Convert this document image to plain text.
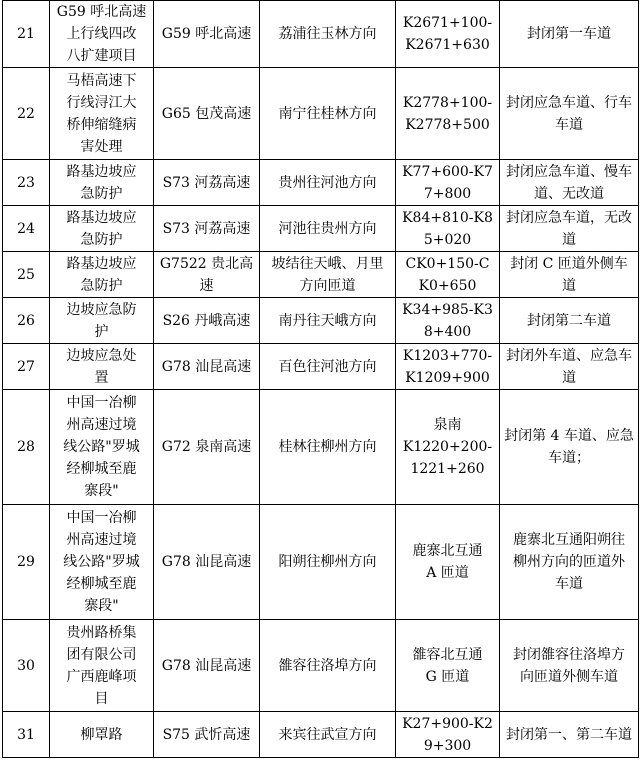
21	G59 呼北高速
上行线四改
八扩建项目	G59 呼北高速	荔浦往玉林方向	K2671+100-
K2671+630	封闭第一车道
22	马梧高速下
行线浔江大
桥伸缩缝病
害处理	G65 包茂高速	南宁往桂林方向	K2778+100-
K2778+500	封闭应急车道、行车
车道
23	路基边坡应
急防护	S73 河荔高速	贵州往河池方向	K77+600-K7
7+800	封闭应急车道、慢车
道、无改道
24	路基边坡应
急防护	S73 河荔高速	河池往贵州方向	K84+810-K8
5+020	封闭应急车道，无改
道
25	路基边坡应
急防护	G7522 贵北高
速	坡结往天峨、月里
方向匝道	CK0+150-C
K0+650	封闭 C 匝道外侧车
道
26	边坡应急防
护	S26 丹峨高速	南丹往天峨方向	K34+985-K3
8+400	封闭第二车道
27	边坡应急处
置	G78 汕昆高速	百色往河池方向	K1203+770-
K1209+900	封闭外车道、应急车
道
28	中国一冶柳
州高速过境
线公路"罗城
经柳城至鹿
寨段"	G72 泉南高速	桂林往柳州方向	泉南
K1220+200-
1221+260	封闭第 4 车道、应急
车道；
29	中国一冶柳
州高速过境
线公路"罗城
经柳城至鹿
寨段"	G78 汕昆高速	阳朔往柳州方向	鹿寨北互通
A 匝道	鹿寨北互通阳朔往
柳州方向的匝道外
车道
30	贵州路桥集
团有限公司
广西鹿峰项
目	G78 汕昆高速	雒容往洛埠方向	雒容北互通
G 匝道	封闭雒容往洛埠方
向匝道外侧车道
31	柳罩路	S75 武忻高速	来宾往武宣方向	K27+900-K2
9+300	封闭第一、第二车道
